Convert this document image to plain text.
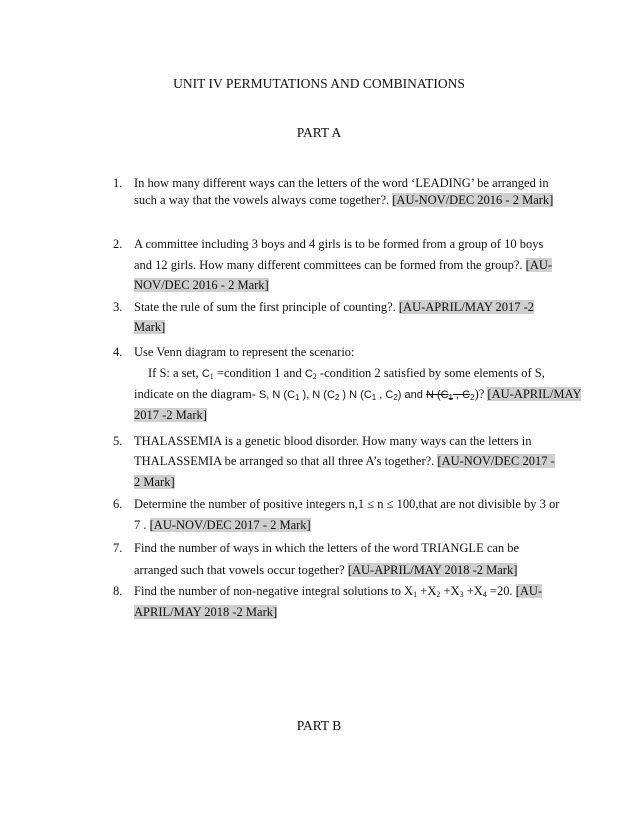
UNIT IV PERMUTATIONS AND COMBINATIONS
PART A
1. In how many different ways can the letters of the word ‘LEADING’ be arranged in
such a way that the vowels always come together?. [AU-NOV/DEC 2016 - 2 Mark]
2. A committee including 3 boys and 4 girls is to be formed from a group of 10 boys
and 12 girls. How many different committees can be formed from the group?. [AU-
NOV/DEC 2016 - 2 Mark]
3. State the rule of sum the first principle of counting?. [AU-APRIL/MAY 2017 -2
Mark]
4. Use Venn diagram to represent the scenario:
If S: a set, $C_1$ =condition 1 and $C_2$ -condition 2 satisfied by some elements of S,
indicate on the diagram- S, N ($C_1$ ), N ($C_2$ ) N ($C_1$ , $C_2$) and N ($C_1$ , $C_2$)? [AU-APRIL/MAY
2017 -2 Mark]
5. THALASSEMIA is a genetic blood disorder. How many ways can the letters in
THALASSEMIA be arranged so that all three A’s together?. [AU-NOV/DEC 2017 -
2 Mark]
6. Determine the number of positive integers n,1 ≤ n ≤ 100,that are not divisible by 3 or
7 . [AU-NOV/DEC 2017 - 2 Mark]
7. Find the number of ways in which the letters of the word TRIANGLE can be
arranged such that vowels occur together? [AU-APRIL/MAY 2018 -2 Mark]
8. Find the number of non-negative integral solutions to $X_1 +X_2 +X_3 +X_4 =20$. [AU-
APRIL/MAY 2018 -2 Mark]
PART B
